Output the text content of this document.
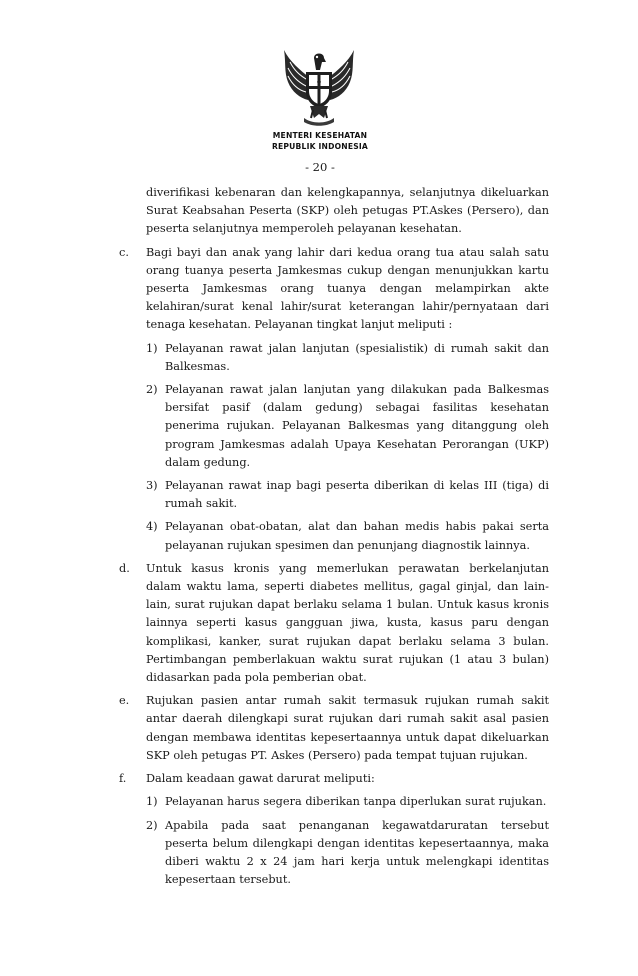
MENTERI KESEHATAN
REPUBLIK INDONESIA
- 20 -

diverifikasi kebenaran dan kelengkapannya, selanjutnya dikeluarkan Surat Keabsahan Peserta (SKP) oleh petugas PT.Askes (Persero), dan peserta selanjutnya memperoleh pelayanan kesehatan.

c. Bagi bayi dan anak yang lahir dari kedua orang tua atau salah satu orang tuanya peserta Jamkesmas cukup dengan menunjukkan kartu peserta Jamkesmas orang tuanya dengan melampirkan akte kelahiran/surat kenal lahir/surat keterangan lahir/pernyataan dari tenaga kesehatan. Pelayanan tingkat lanjut meliputi :

1) Pelayanan rawat jalan lanjutan (spesialistik) di rumah sakit dan Balkesmas.

2) Pelayanan rawat jalan lanjutan yang dilakukan pada Balkesmas bersifat pasif (dalam gedung) sebagai fasilitas kesehatan penerima rujukan. Pelayanan Balkesmas yang ditanggung oleh program Jamkesmas adalah Upaya Kesehatan Perorangan (UKP) dalam gedung.

3) Pelayanan rawat inap bagi peserta diberikan di kelas III (tiga) di rumah sakit.

4) Pelayanan obat-obatan, alat dan bahan medis habis pakai serta pelayanan rujukan spesimen dan penunjang diagnostik lainnya.

d. Untuk kasus kronis yang memerlukan perawatan berkelanjutan dalam waktu lama, seperti diabetes mellitus, gagal ginjal, dan lain-lain, surat rujukan dapat berlaku selama 1 bulan. Untuk kasus kronis lainnya seperti kasus gangguan jiwa, kusta, kasus paru dengan komplikasi, kanker, surat rujukan dapat berlaku selama 3 bulan. Pertimbangan pemberlakuan waktu surat rujukan (1 atau 3 bulan) didasarkan pada pola pemberian obat.

e. Rujukan pasien antar rumah sakit termasuk rujukan rumah sakit antar daerah dilengkapi surat rujukan dari rumah sakit asal pasien dengan membawa identitas kepesertaannya untuk dapat dikeluarkan SKP oleh petugas PT. Askes (Persero) pada tempat tujuan rujukan.

f. Dalam keadaan gawat darurat meliputi:

1) Pelayanan harus segera diberikan tanpa diperlukan surat rujukan.

2) Apabila pada saat penanganan kegawatdaruratan tersebut peserta belum dilengkapi dengan identitas kepesertaannya, maka diberi waktu 2 x 24 jam hari kerja untuk melengkapi identitas kepesertaan tersebut.
